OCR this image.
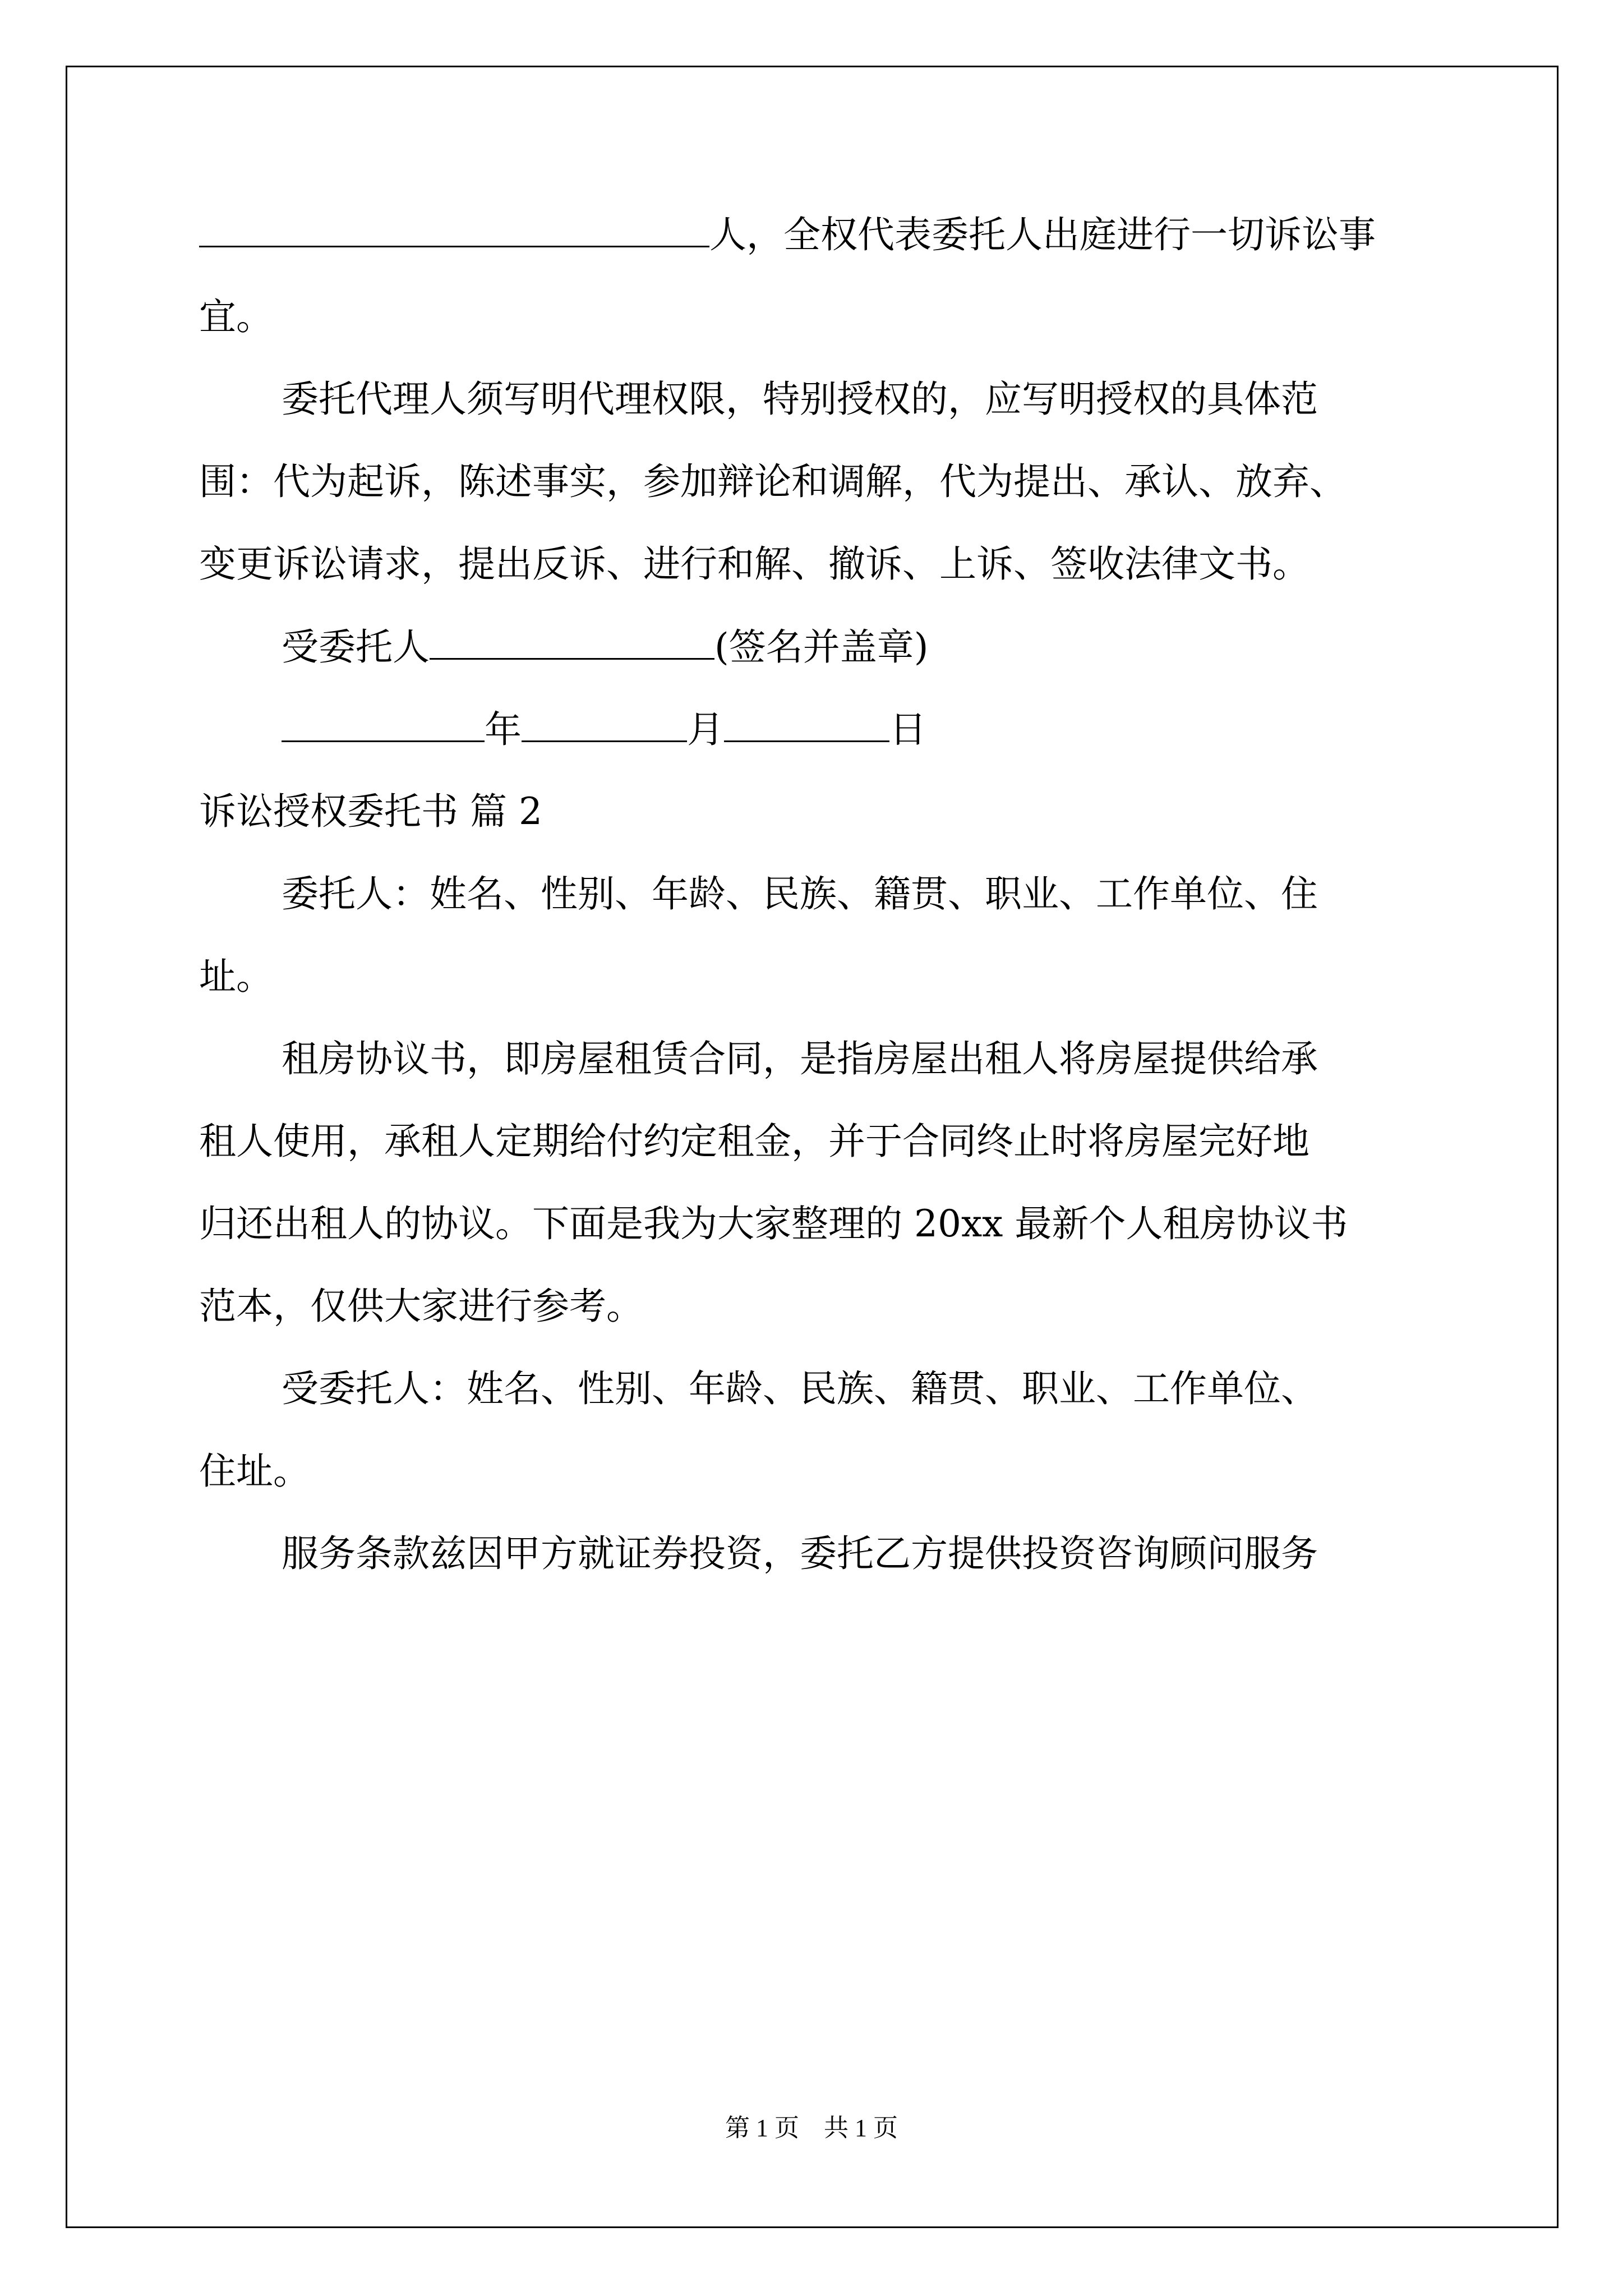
人，全权代表委托人出庭进行一切诉讼事
宜。
委托代理人须写明代理权限，特别授权的，应写明授权的具体范
围：代为起诉，陈述事实，参加辩论和调解，代为提出、承认、放弃、
变更诉讼请求，提出反诉、进行和解、撤诉、上诉、签收法律文书。
受委托人	(签名并盖章)
年	月	日
诉讼授权委托书 篇 2
委托人：姓名、性别、年龄、民族、籍贯、职业、工作单位、住
址。
租房协议书，即房屋租赁合同，是指房屋出租人将房屋提供给承
租人使用，承租人定期给付约定租金，并于合同终止时将房屋完好地
归还出租人的协议。下面是我为大家整理的 20xx 最新个人租房协议书
范本，仅供大家进行参考。
受委托人：姓名、性别、年龄、民族、籍贯、职业、工作单位、
住址。
服务条款兹因甲方就证券投资，委托乙方提供投资咨询顾问服务
第 1 页　共 1 页
